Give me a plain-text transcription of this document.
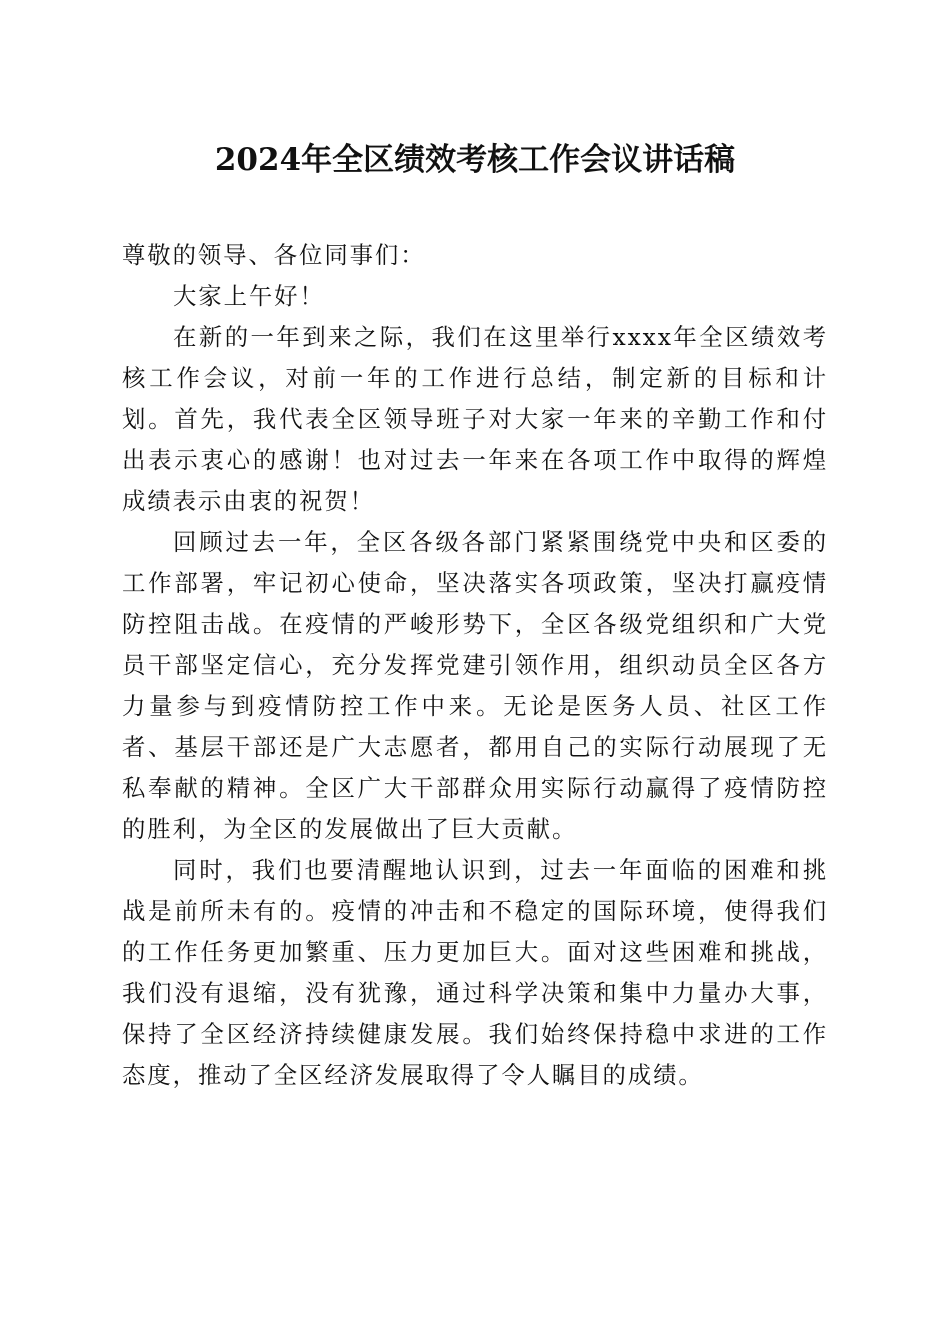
2024年全区绩效考核工作会议讲话稿

尊敬的领导、各位同事们：

大家上午好！

在新的一年到来之际，我们在这里举行xxxx年全区绩效考核工作会议，对前一年的工作进行总结，制定新的目标和计划。首先，我代表全区领导班子对大家一年来的辛勤工作和付出表示衷心的感谢！也对过去一年来在各项工作中取得的辉煌成绩表示由衷的祝贺！

回顾过去一年，全区各级各部门紧紧围绕党中央和区委的工作部署，牢记初心使命，坚决落实各项政策，坚决打赢疫情防控阻击战。在疫情的严峻形势下，全区各级党组织和广大党员干部坚定信心，充分发挥党建引领作用，组织动员全区各方力量参与到疫情防控工作中来。无论是医务人员、社区工作者、基层干部还是广大志愿者，都用自己的实际行动展现了无私奉献的精神。全区广大干部群众用实际行动赢得了疫情防控的胜利，为全区的发展做出了巨大贡献。

同时，我们也要清醒地认识到，过去一年面临的困难和挑战是前所未有的。疫情的冲击和不稳定的国际环境，使得我们的工作任务更加繁重、压力更加巨大。面对这些困难和挑战，我们没有退缩，没有犹豫，通过科学决策和集中力量办大事，保持了全区经济持续健康发展。我们始终保持稳中求进的工作态度，推动了全区经济发展取得了令人瞩目的成绩。
